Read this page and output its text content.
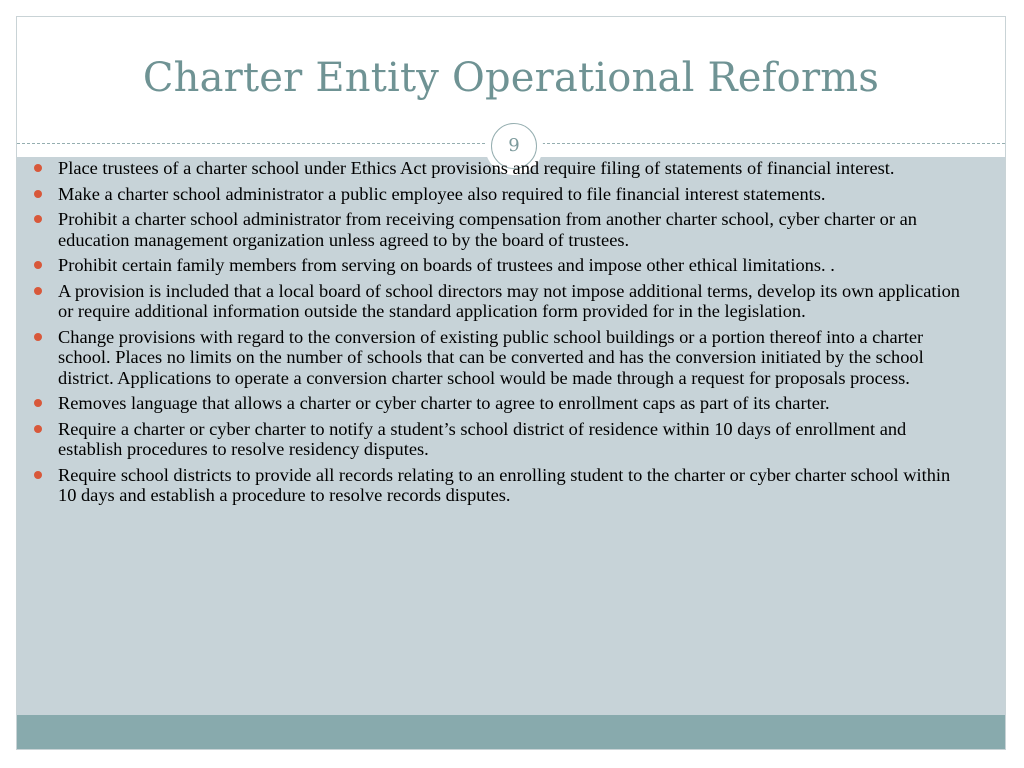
Charter Entity Operational Reforms
9
Place trustees of a charter school under Ethics Act provisions and require filing of statements of financial interest.
Make a charter school administrator a public employee also required to file financial interest statements.
Prohibit a charter school administrator from receiving compensation from another charter school, cyber charter or an education management organization unless agreed to by the board of trustees.
Prohibit certain family members from serving on boards of trustees and impose other ethical limitations. .
A provision is included that a local board of school directors may not impose additional terms, develop its own application or require additional information outside the standard application form provided for in the legislation.
Change provisions with regard to the conversion of existing public school buildings or a portion thereof into a charter school. Places no limits on the number of schools that can be converted and has the conversion initiated by the school district. Applications to operate a conversion charter school would be made through a request for proposals process.
Removes language that allows a charter or cyber charter to agree to enrollment caps as part of its charter.
Require a charter or cyber charter to notify a student’s school district of residence within 10 days of enrollment and establish procedures to resolve residency disputes.
Require school districts to provide all records relating to an enrolling student to the charter or cyber charter school within 10 days and establish a procedure to resolve records disputes.
